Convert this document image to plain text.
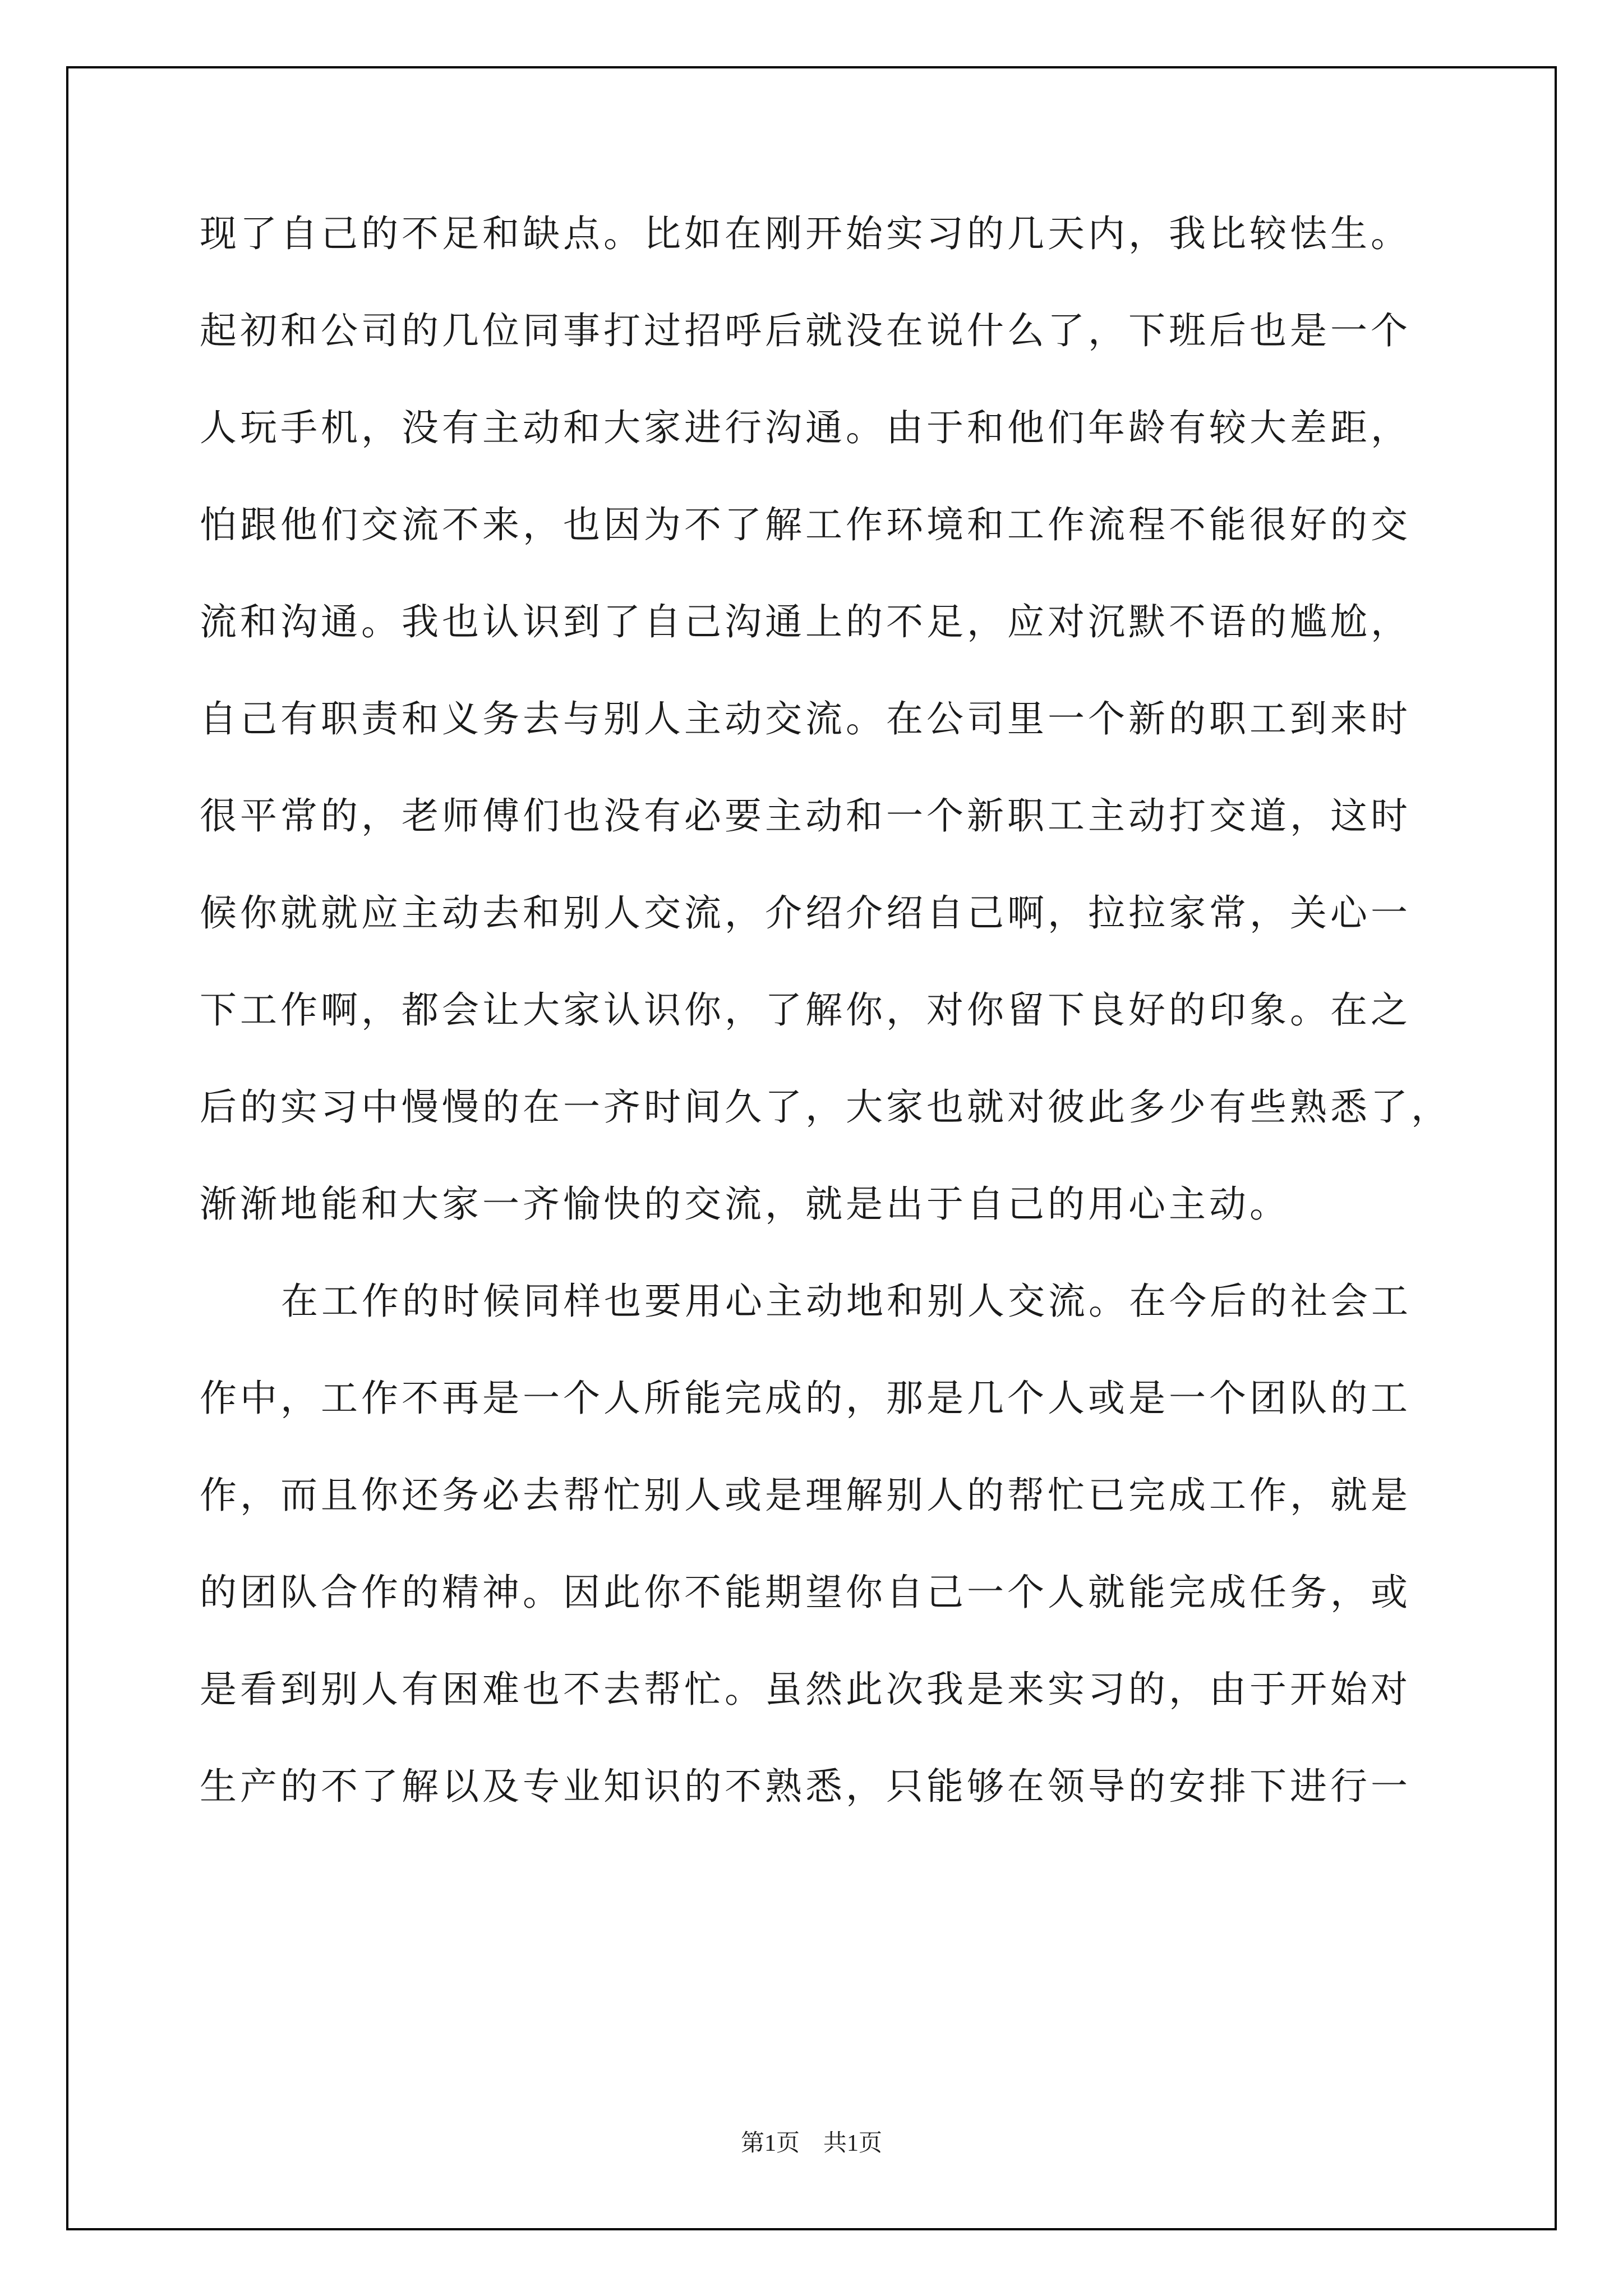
现了自己的不足和缺点。比如在刚开始实习的几天内，我比较怯生。
起初和公司的几位同事打过招呼后就没在说什么了，下班后也是一个
人玩手机，没有主动和大家进行沟通。由于和他们年龄有较大差距，
怕跟他们交流不来，也因为不了解工作环境和工作流程不能很好的交
流和沟通。我也认识到了自己沟通上的不足，应对沉默不语的尴尬，
自己有职责和义务去与别人主动交流。在公司里一个新的职工到来时
很平常的，老师傅们也没有必要主动和一个新职工主动打交道，这时
候你就就应主动去和别人交流，介绍介绍自己啊，拉拉家常，关心一
下工作啊，都会让大家认识你，了解你，对你留下良好的印象。在之
后的实习中慢慢的在一齐时间久了，大家也就对彼此多少有些熟悉了，
渐渐地能和大家一齐愉快的交流，就是出于自己的用心主动。
在工作的时候同样也要用心主动地和别人交流。在今后的社会工
作中，工作不再是一个人所能完成的，那是几个人或是一个团队的工
作，而且你还务必去帮忙别人或是理解别人的帮忙已完成工作，就是
的团队合作的精神。因此你不能期望你自己一个人就能完成任务，或
是看到别人有困难也不去帮忙。虽然此次我是来实习的，由于开始对
生产的不了解以及专业知识的不熟悉，只能够在领导的安排下进行一
第1页　共1页
